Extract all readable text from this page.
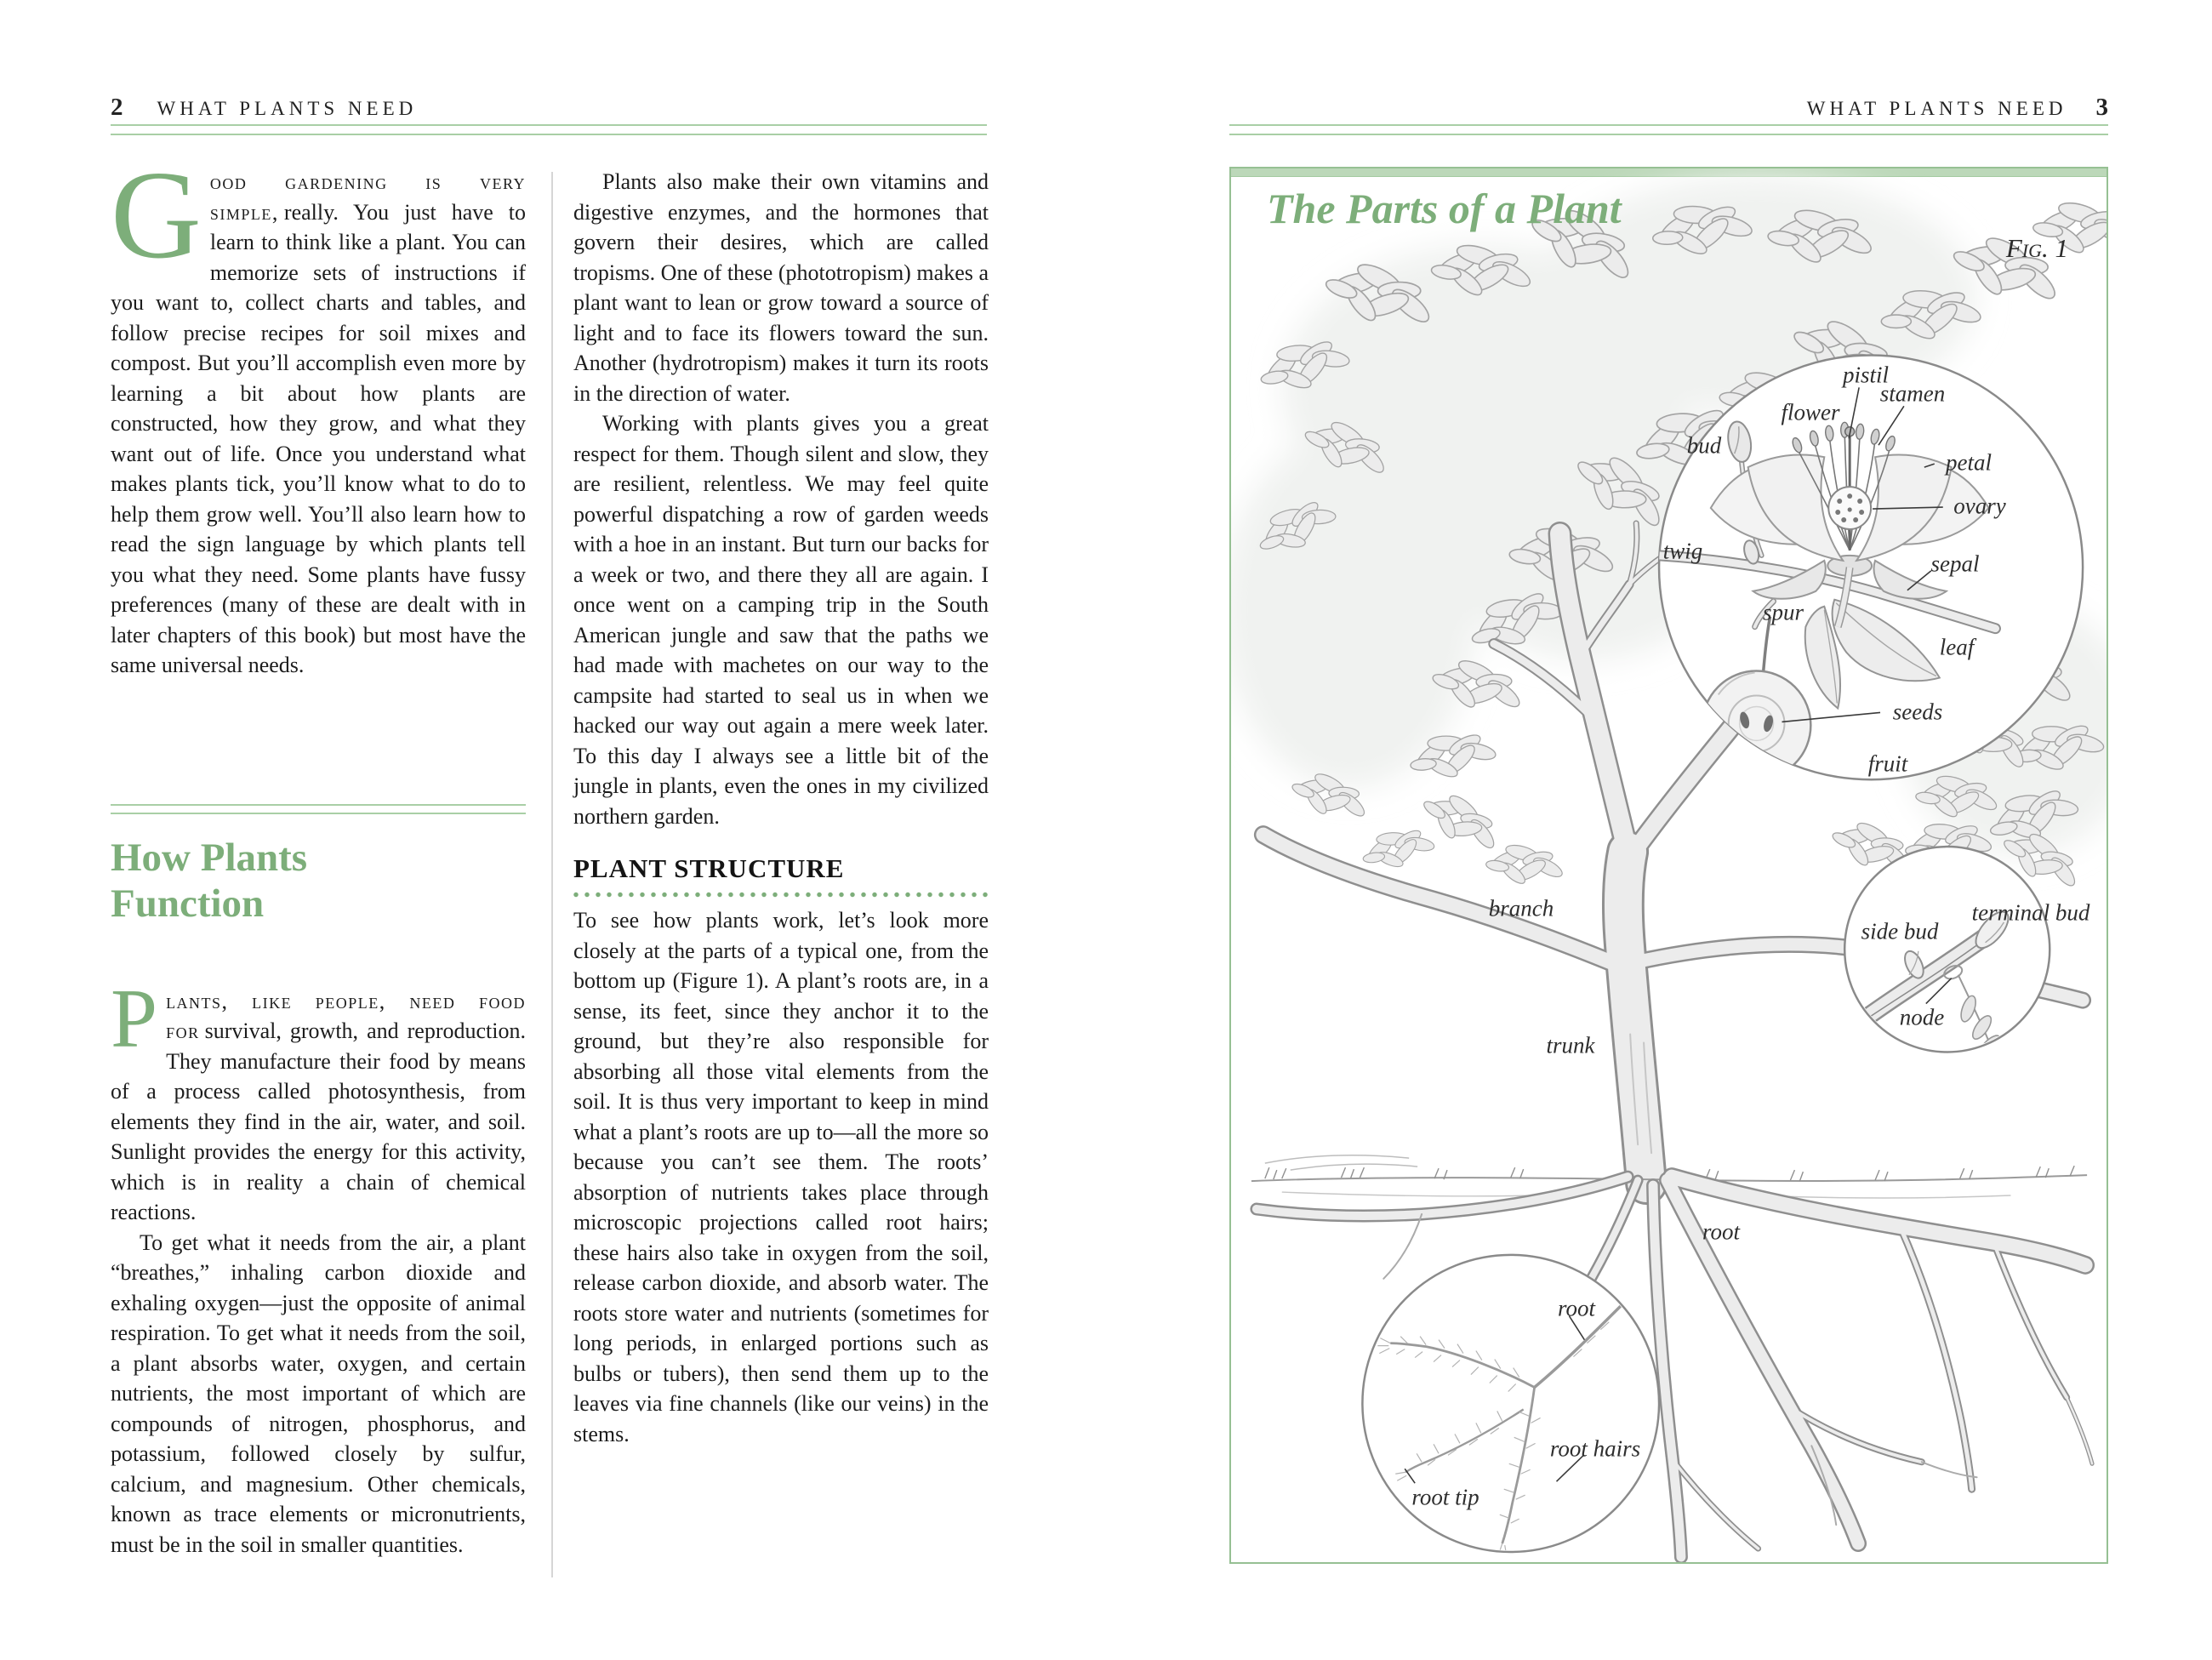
2 WHAT PLANTS NEED

Good gardening is very simple, really. You just have to learn to think like a plant. You can memorize sets of instructions if you want to, collect charts and tables, and follow precise recipes for soil mixes and compost. But you’ll accomplish even more by learning a bit about how plants are constructed, how they grow, and what they want out of life. Once you understand what makes plants tick, you’ll know what to do to help them grow well. You’ll also learn how to read the sign language by which plants tell you what they need. Some plants have fussy preferences (many of these are dealt with in later chapters of this book) but most have the same universal needs.

How Plants Function

Plants, like people, need food for survival, growth, and reproduction. They manufacture their food by means of a process called photosynthesis, from elements they find in the air, water, and soil. Sunlight provides the energy for this activity, which is in reality a chain of chemical reactions.

To get what it needs from the air, a plant “breathes,” inhaling carbon dioxide and exhaling oxygen—just the opposite of animal respiration. To get what it needs from the soil, a plant absorbs water, oxygen, and certain nutrients, the most important of which are compounds of nitrogen, phosphorus, and potassium, followed closely by sulfur, calcium, and magnesium. Other chemicals, known as trace elements or micronutrients, must be in the soil in smaller quantities.

Plants also make their own vitamins and digestive enzymes, and the hormones that govern their desires, which are called tropisms. One of these (phototropism) makes a plant want to lean or grow toward a source of light and to face its flowers toward the sun. Another (hydrotropism) makes it turn its roots in the direction of water.

Working with plants gives you a great respect for them. Though silent and slow, they are resilient, relentless. We may feel quite powerful dispatching a row of garden weeds with a hoe in an instant. But turn our backs for a week or two, and there they all are again. I once went on a camping trip in the South American jungle and saw that the paths we had made with machetes on our way to the campsite had started to seal us in when we hacked our way out again a mere week later. To this day I always see a little bit of the jungle in plants, even the ones in my civilized northern garden.

PLANT STRUCTURE

To see how plants work, let’s look more closely at the parts of a typical one, from the bottom up (Figure 1). A plant’s roots are, in a sense, its feet, since they anchor it to the ground, but they’re also responsible for absorbing all those vital elements from the soil. It is thus very important to keep in mind what a plant’s roots are up to—all the more so because you can’t see them. The roots’ absorption of nutrients takes place through microscopic projections called root hairs; these hairs also take in oxygen from the soil, release carbon dioxide, and absorb water. The roots store water and nutrients (sometimes for long periods, in enlarged portions such as bulbs or tubers), then send them up to the leaves via fine channels (like our veins) in the stems.

WHAT PLANTS NEED 3
pistil
stamen
flower
bud
petal
ovary
twig	sepal
spur
leaf
seeds
fruit
branch
trunk
root
side bud
terminal bud
node
root
root hairs
root tip
The Parts of a Plant
Fig. 1
